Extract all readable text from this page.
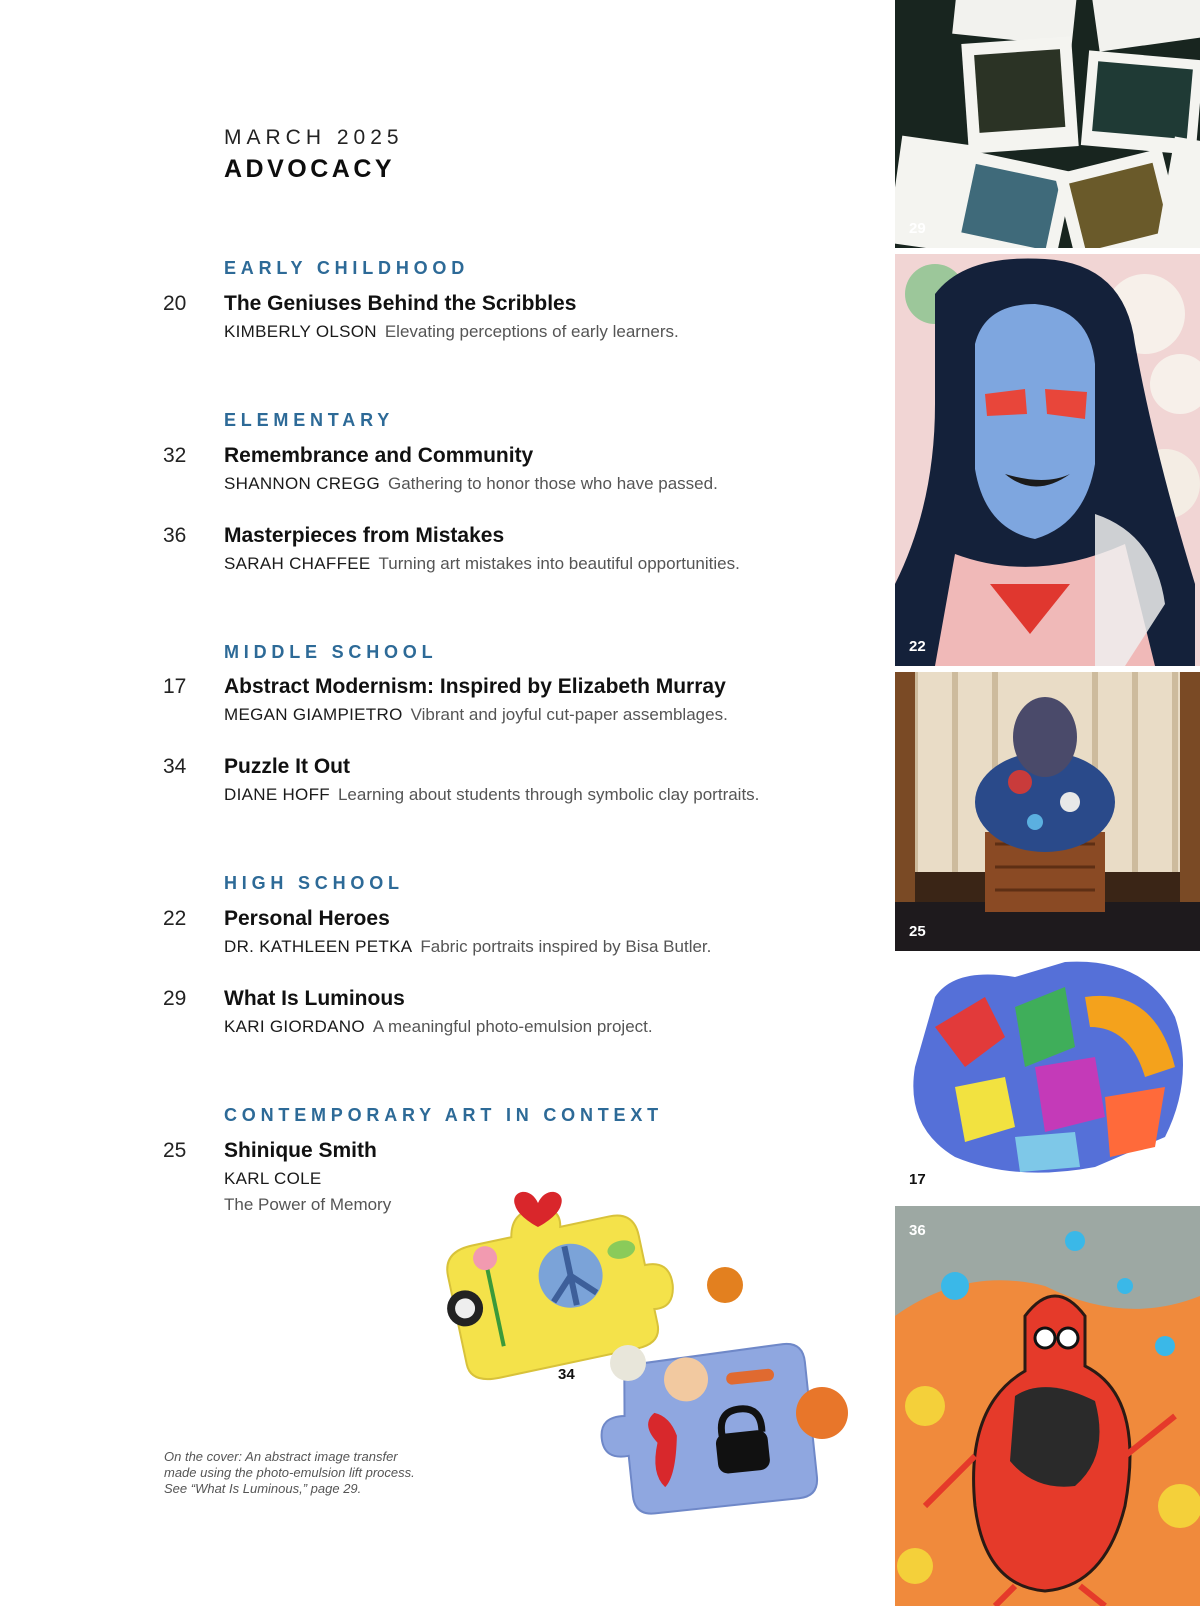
MARCH 2025
ADVOCACY
EARLY CHILDHOOD
20 The Geniuses Behind the Scribbles
KIMBERLY OLSON Elevating perceptions of early learners.
ELEMENTARY
32 Remembrance and Community
SHANNON CREGG Gathering to honor those who have passed.
36 Masterpieces from Mistakes
SARAH CHAFFEE Turning art mistakes into beautiful opportunities.
MIDDLE SCHOOL
17 Abstract Modernism: Inspired by Elizabeth Murray
MEGAN GIAMPIETRO Vibrant and joyful cut-paper assemblages.
34 Puzzle It Out
DIANE HOFF Learning about students through symbolic clay portraits.
HIGH SCHOOL
22 Personal Heroes
DR. KATHLEEN PETKA Fabric portraits inspired by Bisa Butler.
29 What Is Luminous
KARI GIORDANO A meaningful photo-emulsion project.
CONTEMPORARY ART IN CONTEXT
25 Shinique Smith
KARL COLE
The Power of Memory
On the cover: An abstract image transfer
made using the photo-emulsion lift process.
See “What Is Luminous,” page 29.
34
29
22
25
17
36
